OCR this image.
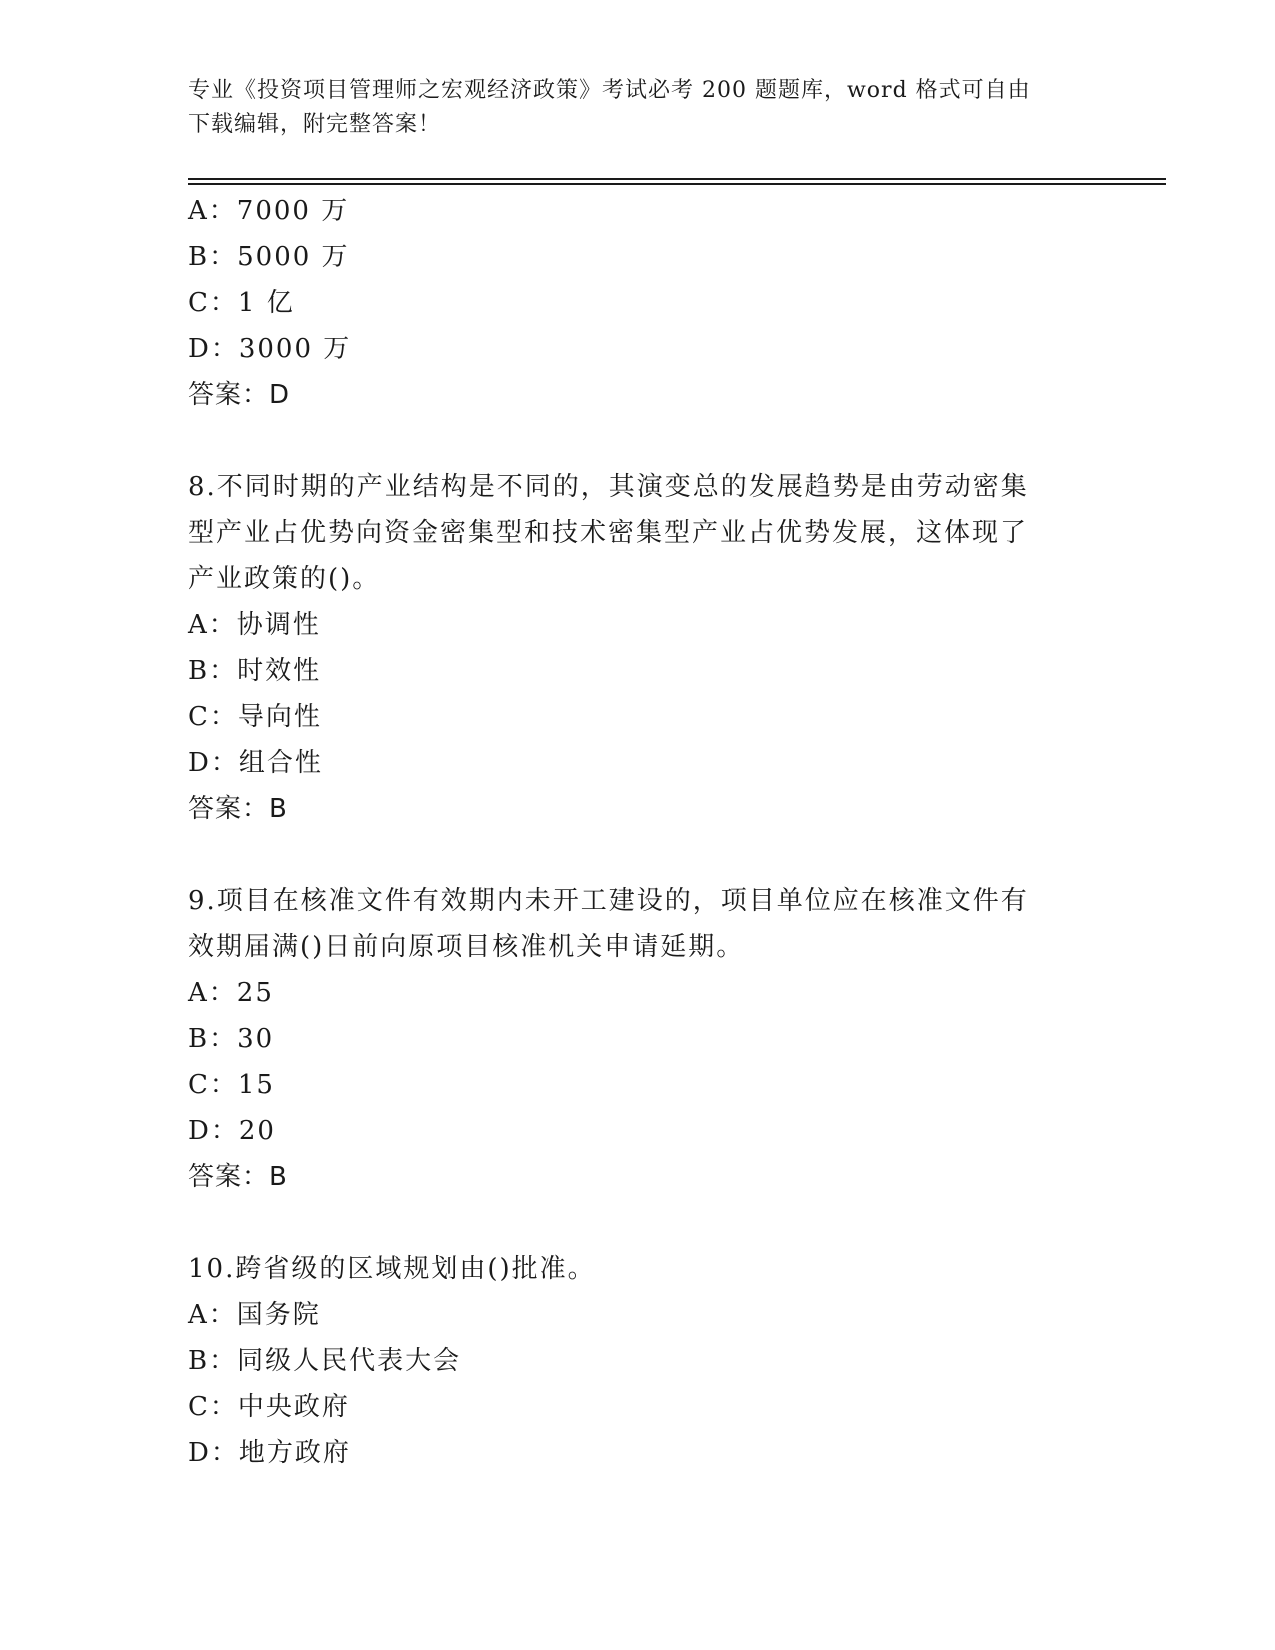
专业《投资项目管理师之宏观经济政策》考试必考 200 题题库，word 格式可自由
下载编辑，附完整答案！
A：7000 万
B：5000 万
C：1 亿
D：3000 万
答案：D
8.不同时期的产业结构是不同的，其演变总的发展趋势是由劳动密集
型产业占优势向资金密集型和技术密集型产业占优势发展，这体现了
产业政策的()。
A：协调性
B：时效性
C：导向性
D：组合性
答案：B
9.项目在核准文件有效期内未开工建设的，项目单位应在核准文件有
效期届满()日前向原项目核准机关申请延期。
A：25
B：30
C：15
D：20
答案：B
10.跨省级的区域规划由()批准。
A：国务院
B：同级人民代表大会
C：中央政府
D：地方政府
